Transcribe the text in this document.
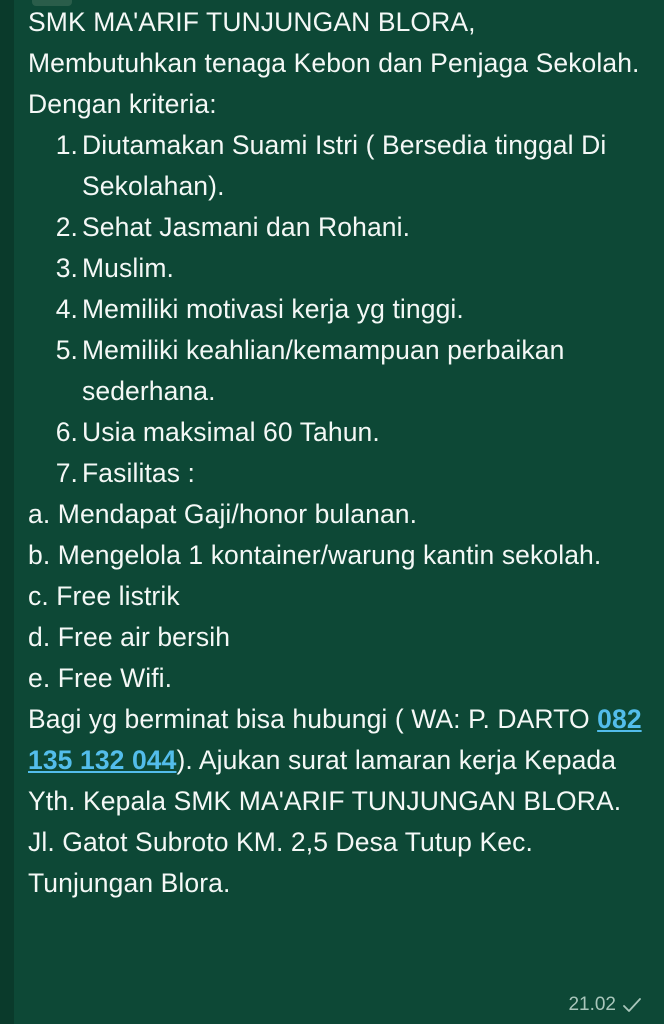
SMK MA'ARIF TUNJUNGAN BLORA, Membutuhkan tenaga Kebon dan Penjaga Sekolah. Dengan kriteria:

1. Diutamakan Suami Istri ( Bersedia tinggal Di Sekolahan).
2. Sehat Jasmani dan Rohani.
3. Muslim.
4. Memiliki motivasi kerja yg tinggi.
5. Memiliki keahlian/kemampuan perbaikan sederhana.
6. Usia maksimal 60 Tahun.
7. Fasilitas :

a. Mendapat Gaji/honor bulanan.

b. Mengelola 1 kontainer/warung kantin sekolah.

c. Free listrik

d. Free air bersih

e. Free Wifi.

Bagi yg berminat bisa hubungi ( WA: P. DARTO 082 135 132 044). Ajukan surat lamaran kerja Kepada Yth. Kepala SMK MA'ARIF TUNJUNGAN BLORA. Jl. Gatot Subroto KM. 2,5 Desa Tutup Kec. Tunjungan Blora.

21.02
